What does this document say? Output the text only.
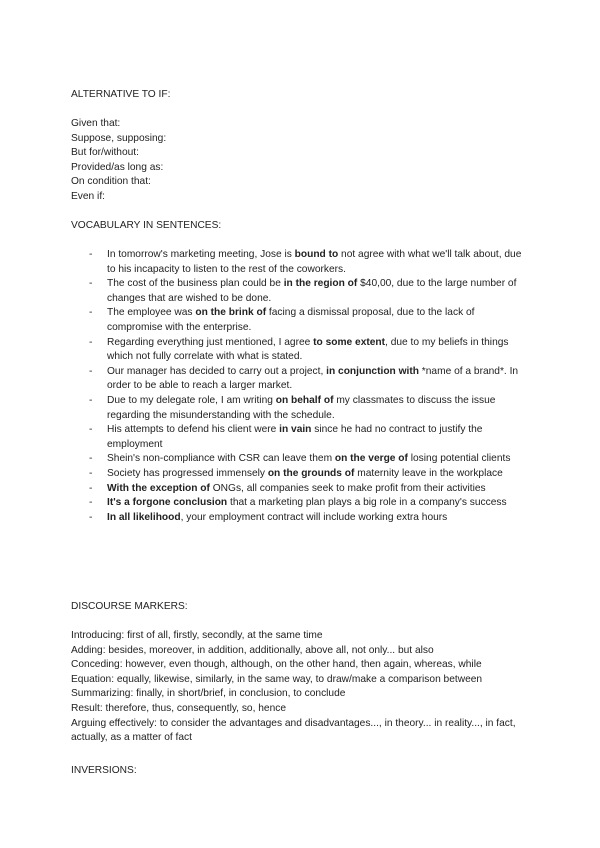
ALTERNATIVE TO IF:
Given that:
Suppose, supposing:
But for/without:
Provided/as long as:
On condition that:
Even if:
VOCABULARY IN SENTENCES:
- In tomorrow's marketing meeting, Jose is bound to not agree with what we'll talk about, due to his incapacity to listen to the rest of the coworkers.
- The cost of the business plan could be in the region of $40,00, due to the large number of changes that are wished to be done.
- The employee was on the brink of facing a dismissal proposal, due to the lack of compromise with the enterprise.
- Regarding everything just mentioned, I agree to some extent, due to my beliefs in things which not fully correlate with what is stated.
- Our manager has decided to carry out a project, in conjunction with *name of a brand*. In order to be able to reach a larger market.
- Due to my delegate role, I am writing on behalf of my classmates to discuss the issue regarding the misunderstanding with the schedule.
- His attempts to defend his client were in vain since he had no contract to justify the employment
- Shein's non-compliance with CSR can leave them on the verge of losing potential clients
- Society has progressed immensely on the grounds of maternity leave in the workplace
- With the exception of ONGs, all companies seek to make profit from their activities
- It's a forgone conclusion that a marketing plan plays a big role in a company's success
- In all likelihood, your employment contract will include working extra hours
DISCOURSE MARKERS:
Introducing: first of all, firstly, secondly, at the same time
Adding: besides, moreover, in addition, additionally, above all, not only... but also
Conceding: however, even though, although, on the other hand, then again, whereas, while
Equation: equally, likewise, similarly, in the same way, to draw/make a comparison between
Summarizing: finally, in short/brief, in conclusion, to conclude
Result: therefore, thus, consequently, so, hence
Arguing effectively: to consider the advantages and disadvantages..., in theory... in reality..., in fact, actually, as a matter of fact
INVERSIONS:
